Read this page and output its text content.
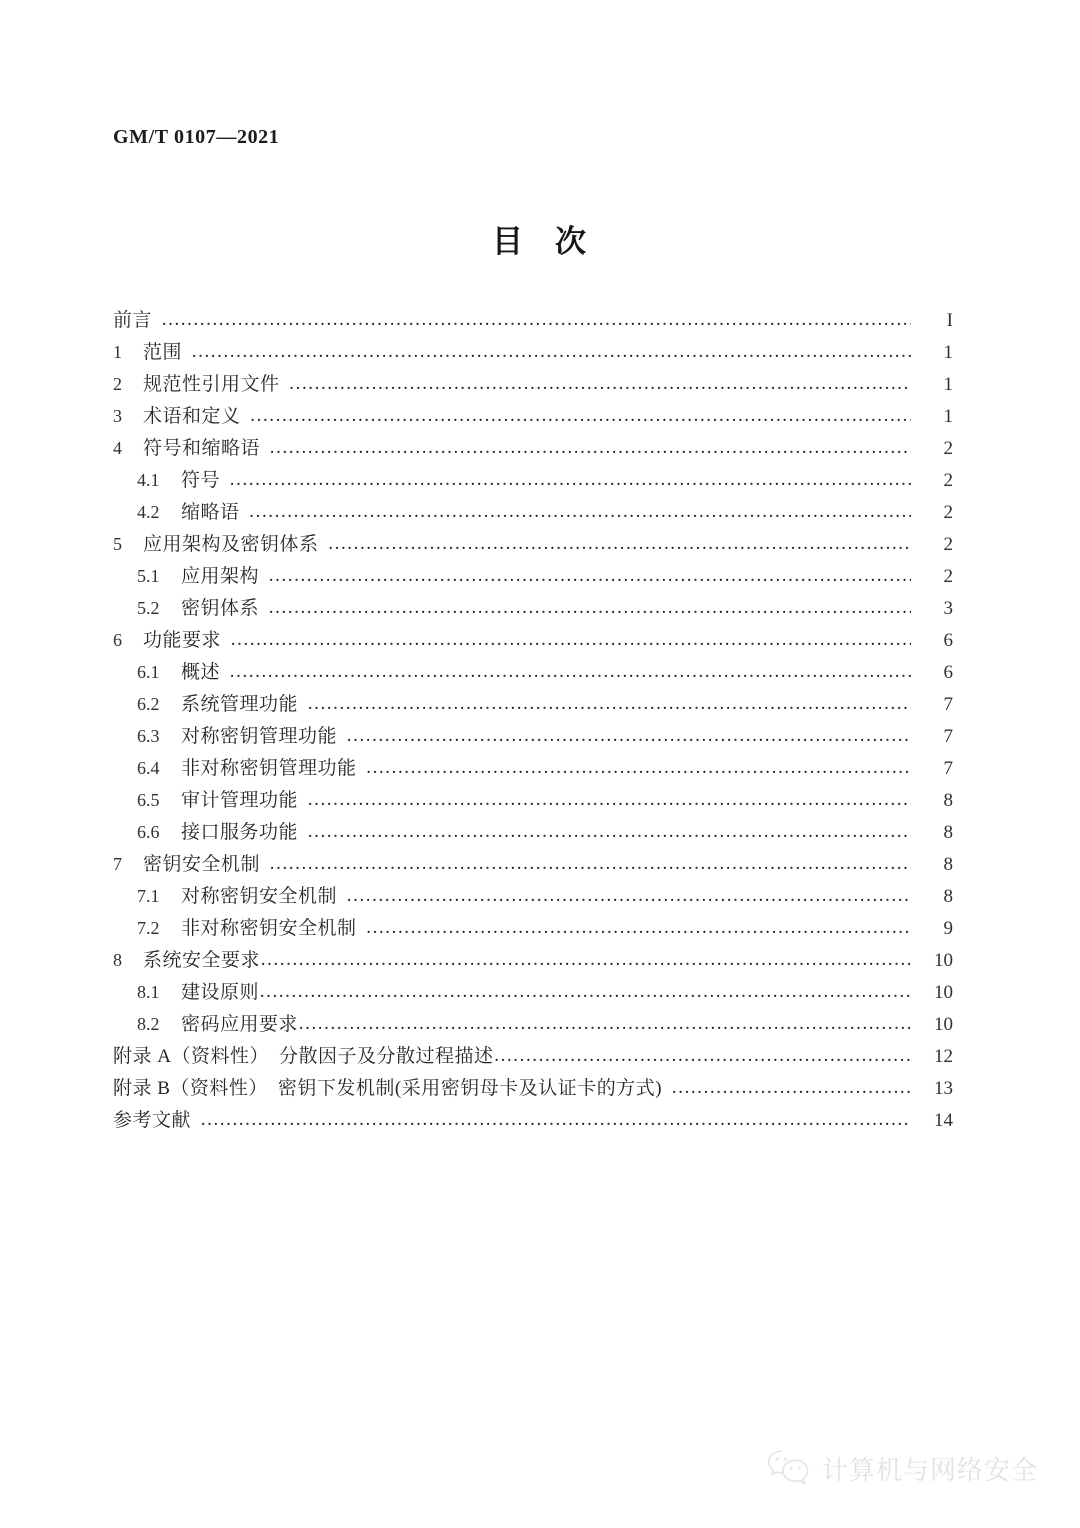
GM/T 0107—2021
目 次
前言 ……………………………………………………………………………………………………………………………………………………………………………………………………	I
1	范围 ……………………………………………………………………………………………………………………………………………………………………………………………………	1
2	规范性引用文件 ……………………………………………………………………………………………………………………………………………………………………………………………………	1
3	术语和定义 ……………………………………………………………………………………………………………………………………………………………………………………………………	1
4	符号和缩略语 ……………………………………………………………………………………………………………………………………………………………………………………………………	2
4.1	符号 ……………………………………………………………………………………………………………………………………………………………………………………………………	2
4.2	缩略语 ……………………………………………………………………………………………………………………………………………………………………………………………………	2
5	应用架构及密钥体系 ……………………………………………………………………………………………………………………………………………………………………………………………………	2
5.1	应用架构 ……………………………………………………………………………………………………………………………………………………………………………………………………	2
5.2	密钥体系 ……………………………………………………………………………………………………………………………………………………………………………………………………	3
6	功能要求 ……………………………………………………………………………………………………………………………………………………………………………………………………	6
6.1	概述 ……………………………………………………………………………………………………………………………………………………………………………………………………	6
6.2	系统管理功能 ……………………………………………………………………………………………………………………………………………………………………………………………………	7
6.3	对称密钥管理功能 ……………………………………………………………………………………………………………………………………………………………………………………………………	7
6.4	非对称密钥管理功能 ……………………………………………………………………………………………………………………………………………………………………………………………………	7
6.5	审计管理功能 ……………………………………………………………………………………………………………………………………………………………………………………………………	8
6.6	接口服务功能 ……………………………………………………………………………………………………………………………………………………………………………………………………	8
7	密钥安全机制 ……………………………………………………………………………………………………………………………………………………………………………………………………	8
7.1	对称密钥安全机制 ……………………………………………………………………………………………………………………………………………………………………………………………………	8
7.2	非对称密钥安全机制 ……………………………………………………………………………………………………………………………………………………………………………………………………	9
8	系统安全要求 ……………………………………………………………………………………………………………………………………………………………………………………………………	10
8.1	建设原则 ……………………………………………………………………………………………………………………………………………………………………………………………………	10
8.2	密码应用要求 ……………………………………………………………………………………………………………………………………………………………………………………………………	10
附录 A（资料性）　分散因子及分散过程描述 ……………………………………………………………………………………………………………………………………………………………………………………………………	12
附录 B（资料性）　密钥下发机制(采用密钥母卡及认证卡的方式) ……………………………………………………………………………………………………………………………………………………………………………………………………	13
参考文献 ……………………………………………………………………………………………………………………………………………………………………………………………………	14
计算机与网络安全
